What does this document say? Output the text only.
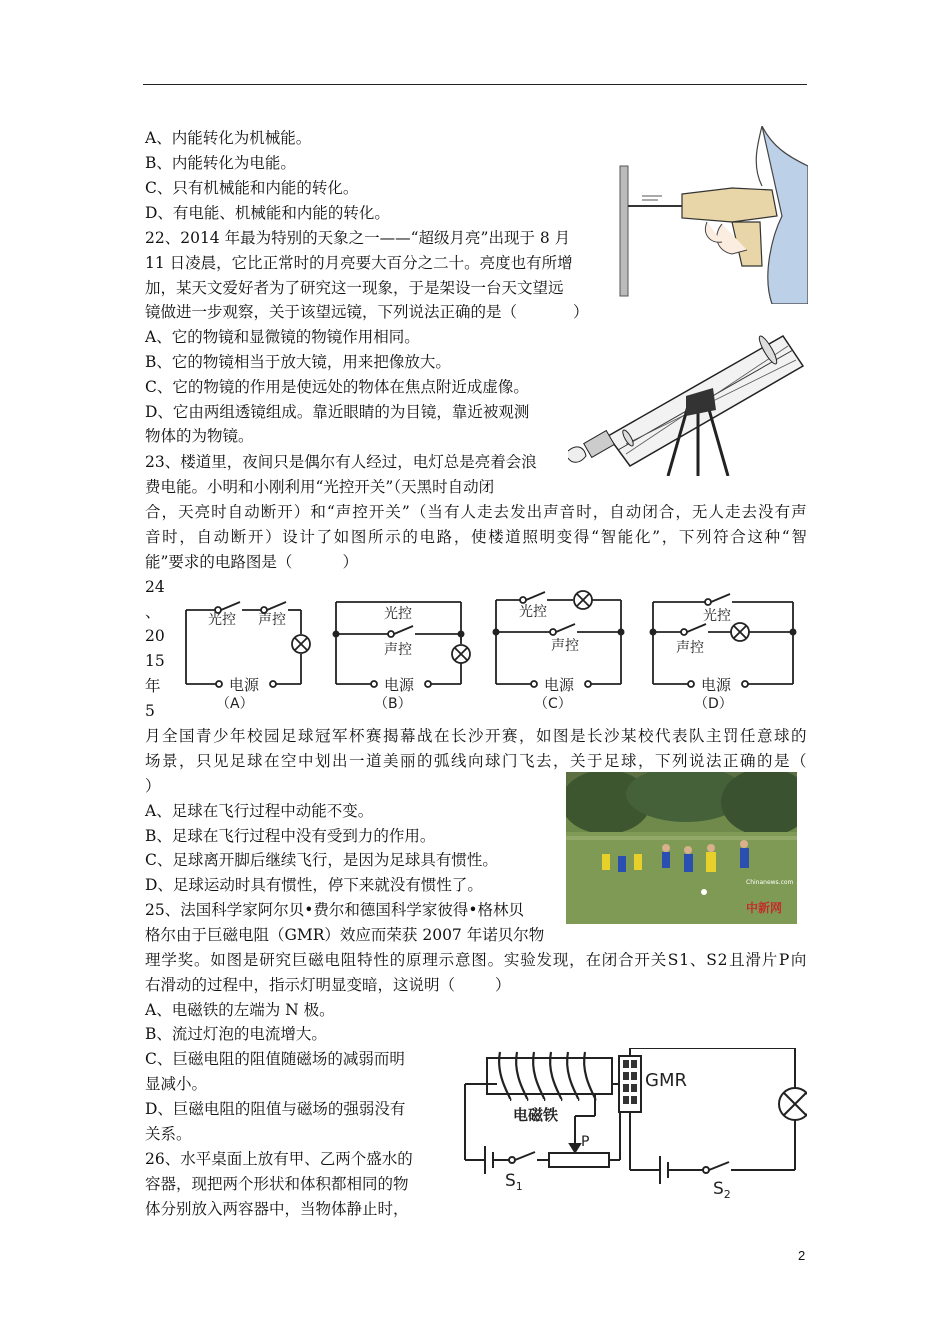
A、内能转化为机械能。
B、内能转化为电能。
C、只有机械能和内能的转化。
D、有电能、机械能和内能的转化。
22、2014 年最为特别的天象之一——“超级月亮”出现于 8 月
11 日凌晨，它比正常时的月亮要大百分之二十。亮度也有所增
加，某天文爱好者为了研究这一现象，于是架设一台天文望远
镜做进一步观察，关于该望远镜，下列说法正确的是（	）
A、它的物镜和显微镜的物镜作用相同。
B、它的物镜相当于放大镜，用来把像放大。
C、它的物镜的作用是使远处的物体在焦点附近成虚像。
D、它由两组透镜组成。靠近眼睛的为目镜，靠近被观测
物体的为物镜。
23、楼道里，夜间只是偶尔有人经过，电灯总是亮着会浪
费电能。小明和小刚利用“光控开关”（天黑时自动闭
合 ， 天 亮 时 自 动 断 开 ） 和 “ 声 控 开 关 ” （ 当 有 人 走 去 发 出 声 音 时 ， 自 动 闭 合 ， 无 人 走 去 没 有 声
音 时 ， 自 动 断 开 ） 设 计 了 如 图 所 示 的 电 路 ， 使 楼 道 照 明 变 得 “ 智 能 化 ” ， 下 列 符 合 这 种 “ 智
能”要求的电路图是（	）
24
、
20
15
年
5
光控 声控
电源
（A）
光控
声控
电源
（B）
光控
声控
电源
（C）
光控
声控
电源
（D）
月 全 国 青 少 年 校 园 足 球 冠 军 杯 赛 揭 幕 战 在 长 沙 开 赛 ， 如 图 是 长 沙 某 校 代 表 队 主 罚 任 意 球 的
场 景 ， 只 见 足 球 在 空 中 划 出 一 道 美 丽 的 弧 线 向 球 门 飞 去 ， 关 于 足 球 ， 下 列 说 法 正 确 的 是 （
）
A、足球在飞行过程中动能不变。
B、足球在飞行过程中没有受到力的作用。
C、足球离开脚后继续飞行，是因为足球具有惯性。
D、足球运动时具有惯性，停下来就没有惯性了。
中新网
Chinanews.com
25、法国科学家阿尔贝•费尔和德国科学家彼得•格林贝
格尔由于巨磁电阻（GMR）效应而荣获 2007 年诺贝尔物
理 学 奖 。 如 图 是 研 究 巨 磁 电 阻 特 性 的 原 理 示 意 图 。 实 验 发 现 ， 在 闭 合 开 关 S 1 、 S 2 且 滑 片 P 向
右滑动的过程中，指示灯明显变暗，这说明（	）
A、电磁铁的左端为 N 极。
B、流过灯泡的电流增大。
C、巨磁电阻的阻值随磁场的减弱而明
显减小。
D、巨磁电阻的阻值与磁场的强弱没有
关系。
GMR
电磁铁
P
$S_1$	$S_2$
26、水平桌面上放有甲、乙两个盛水的
容器，现把两个形状和体积都相同的物
体分别放入两容器中，当物体静止时，
2
